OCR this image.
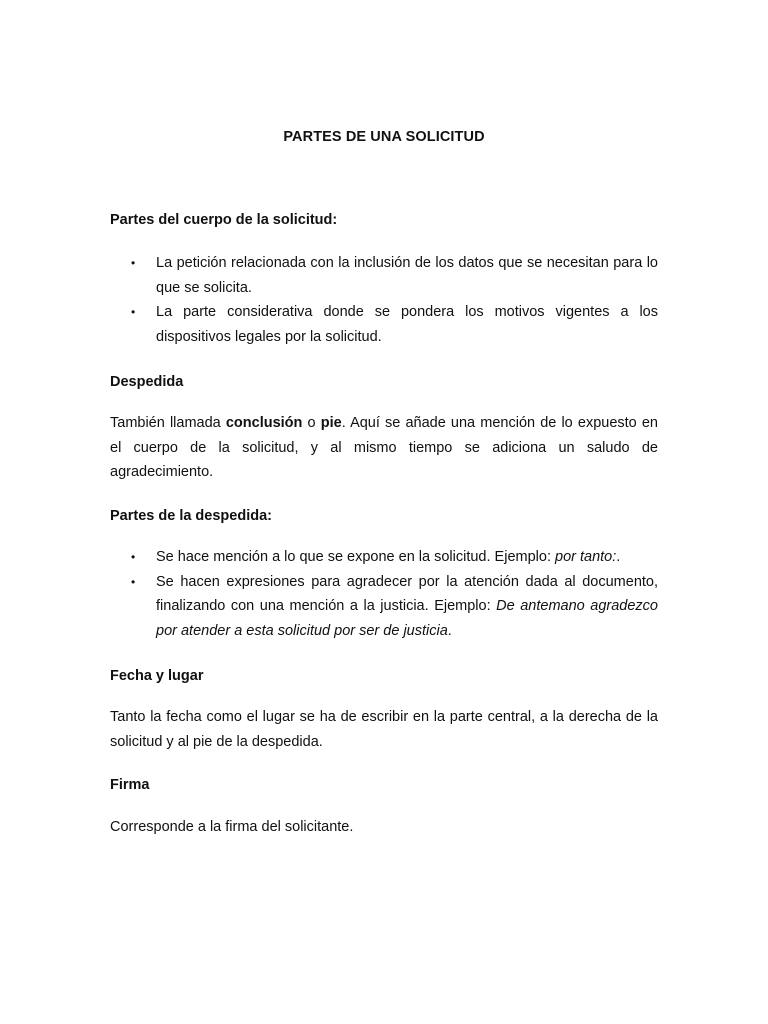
PARTES DE UNA SOLICITUD
Partes del cuerpo de la solicitud:
• La petición relacionada con la inclusión de los datos que se necesitan para lo que se solicita.
• La parte considerativa donde se pondera los motivos vigentes a los dispositivos legales por la solicitud.
Despedida
También llamada conclusión o pie. Aquí se añade una mención de lo expuesto en el cuerpo de la solicitud, y al mismo tiempo se adiciona un saludo de agradecimiento.
Partes de la despedida:
• Se hace mención a lo que se expone en la solicitud. Ejemplo: por tanto:.
• Se hacen expresiones para agradecer por la atención dada al documento, finalizando con una mención a la justicia. Ejemplo: De antemano agradezco por atender a esta solicitud por ser de justicia.
Fecha y lugar
Tanto la fecha como el lugar se ha de escribir en la parte central, a la derecha de la solicitud y al pie de la despedida.
Firma
Corresponde a la firma del solicitante.
